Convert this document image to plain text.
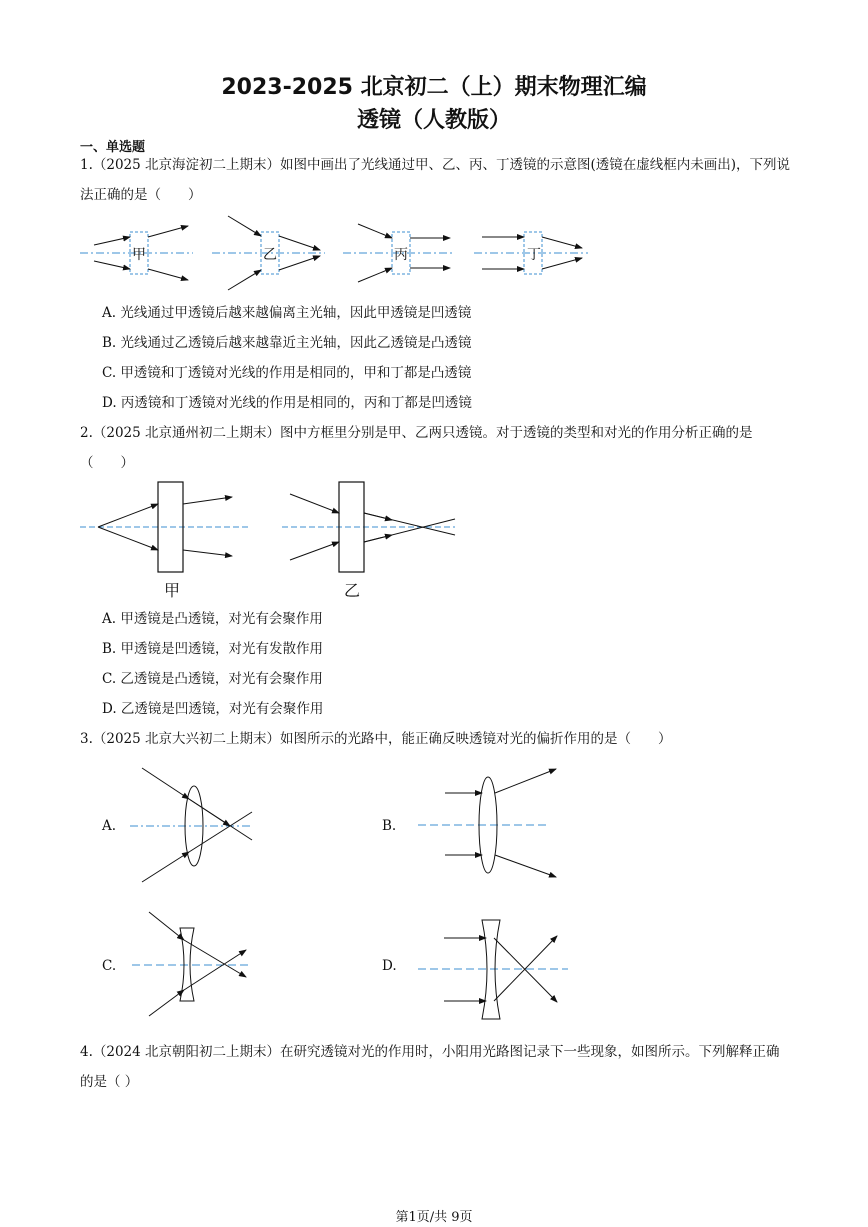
2023-2025 北京初二（上）期末物理汇编
透镜（人教版）
一、单选题
1.（2025 北京海淀初二上期末）如图中画出了光线通过甲、乙、丙、丁透镜的示意图(透镜在虚线框内未画出)，下列说法正确的是（　　）
甲	乙	丙	丁
A. 光线通过甲透镜后越来越偏离主光轴，因此甲透镜是凹透镜
B. 光线通过乙透镜后越来越靠近主光轴，因此乙透镜是凸透镜
C. 甲透镜和丁透镜对光线的作用是相同的，甲和丁都是凸透镜
D. 丙透镜和丁透镜对光线的作用是相同的，丙和丁都是凹透镜
2.（2025 北京通州初二上期末）图中方框里分别是甲、乙两只透镜。对于透镜的类型和对光的作用分析正确的是（　　）
甲	乙
A. 甲透镜是凸透镜，对光有会聚作用
B. 甲透镜是凹透镜，对光有发散作用
C. 乙透镜是凸透镜，对光有会聚作用
D. 乙透镜是凹透镜，对光有会聚作用
3.（2025 北京大兴初二上期末）如图所示的光路中，能正确反映透镜对光的偏折作用的是（　　）
A.	B.
C.	D.
4.（2024 北京朝阳初二上期末）在研究透镜对光的作用时，小阳用光路图记录下一些现象，如图所示。下列解释正确的是（ ）
第1页/共 9页
